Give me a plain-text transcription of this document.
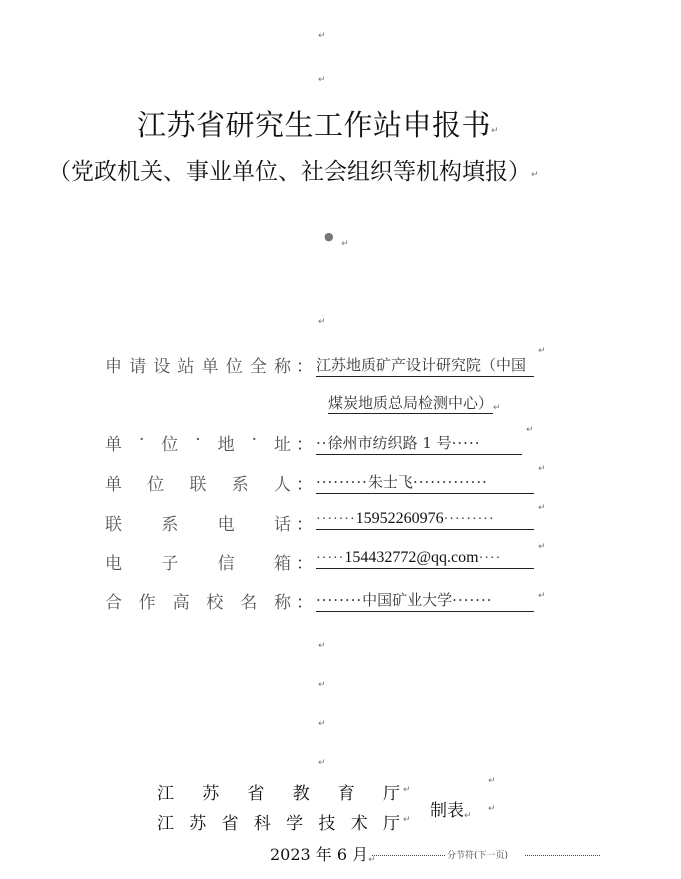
↵
↵
江苏省研究生工作站申报书↵
（党政机关、事业单位、社会组织等机构填报）↵
● $_↵$
↵
申 请 设 站 单 位 全 称
单 · 位 · 地 · 址
单 位 联 系 人
联 系 电 话
电 子 信 箱
合 作 高 校 名 称
：
：
：
：
：
：
江苏地质矿产设计研究院（中国
↵
煤炭地质总局检测中心）↵
··徐州市纺织路 1 号·····
↵
·········朱士飞·············
↵
·······15952260976·········
↵
·····154432772@qq.com····
↵
········中国矿业大学·······	↵
↵
↵
↵
↵
江 苏 省 教 育 厅 ↵
江 苏 省 科 学 技 术 厅 ↵ 制表↵
↵
↵
2023 年 6 月↵	分节符(下一页)
